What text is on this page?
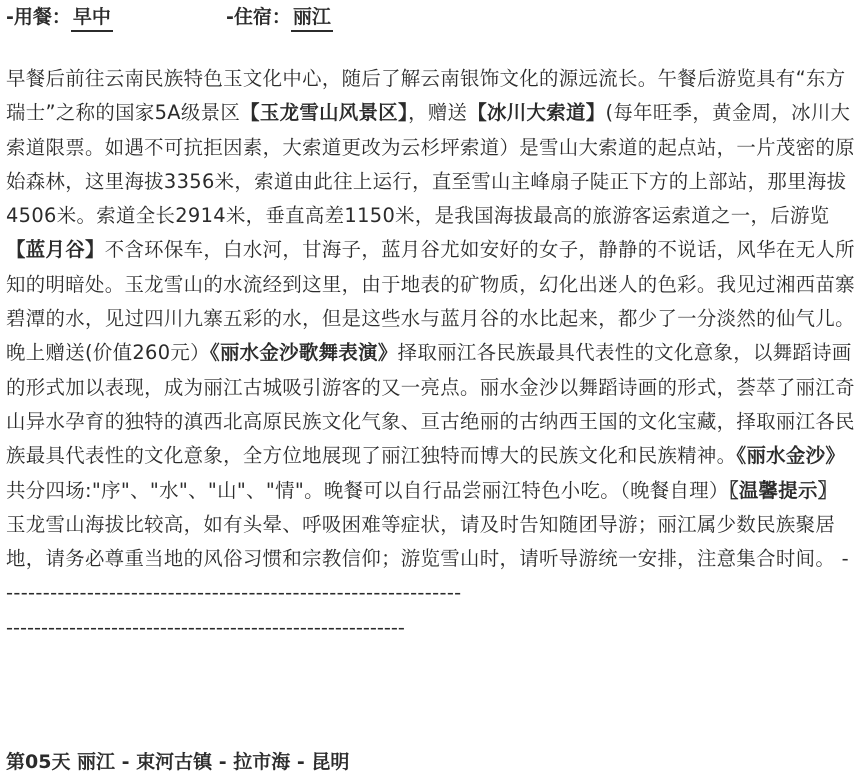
-用餐： 早中	-住宿： 丽江
早餐后前往云南民族特色玉文化中心，随后了解云南银饰文化的源远流长。午餐后游览具有“东方瑞士”之称的国家5A级景区【玉龙雪山风景区】，赠送【冰川大索道】(每年旺季，黄金周，冰川大索道限票。如遇不可抗拒因素，大索道更改为云杉坪索道）是雪山大索道的起点站，一片茂密的原始森林，这里海拔3356米，索道由此往上运行，直至雪山主峰扇子陡正下方的上部站，那里海拔4506米。索道全长2914米，垂直高差1150米，是我国海拔最高的旅游客运索道之一，后游览【蓝月谷】不含环保车，白水河，甘海子，蓝月谷尤如安好的女子，静静的不说话，风华在无人所知的明暗处。玉龙雪山的水流经到这里，由于地表的矿物质，幻化出迷人的色彩。我见过湘西苗寨碧潭的水，见过四川九寨五彩的水，但是这些水与蓝月谷的水比起来，都少了一分淡然的仙气儿。晚上赠送(价值260元）《丽水金沙歌舞表演》择取丽江各民族最具代表性的文化意象，以舞蹈诗画的形式加以表现，成为丽江古城吸引游客的又一亮点。丽水金沙以舞蹈诗画的形式，荟萃了丽江奇山异水孕育的独特的滇西北高原民族文化气象、亘古绝丽的古纳西王国的文化宝藏，择取丽江各民族最具代表性的文化意象，全方位地展现了丽江独特而博大的民族文化和民族精神。《丽水金沙》共分四场:"序"、"水"、"山"、"情"。晚餐可以自行品尝丽江特色小吃。（晚餐自理）〖温馨提示〗
玉龙雪山海拔比较高，如有头晕、呼吸困难等症状，请及时告知随团导游；丽江属少数民族聚居地，请务必尊重当地的风俗习惯和宗教信仰；游览雪山时，请听导游统一安排，注意集合时间。 ---------------------------------------------------------------
---------------------------------------------------------
第05天 丽江 - 束河古镇 - 拉市海 - 昆明
